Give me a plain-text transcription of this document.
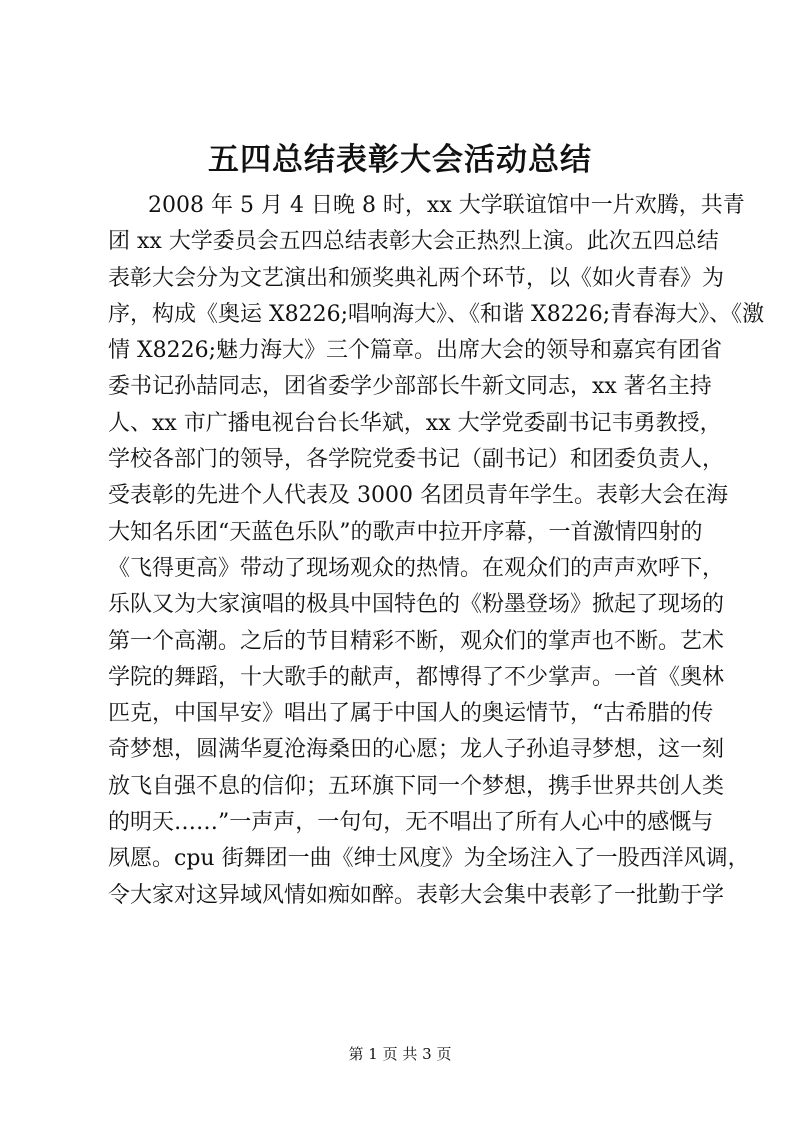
五四总结表彰大会活动总结
2008 年 5 月 4 日晚 8 时，xx 大学联谊馆中一片欢腾，共青
团 xx 大学委员会五四总结表彰大会正热烈上演。此次五四总结
表彰大会分为文艺演出和颁奖典礼两个环节，以《如火青春》为
序，构成《奥运 X8226;唱响海大》、《和谐 X8226;青春海大》、《激
情 X8226;魅力海大》三个篇章。出席大会的领导和嘉宾有团省
委书记孙喆同志，团省委学少部部长牛新文同志，xx 著名主持
人、xx 市广播电视台台长华斌，xx 大学党委副书记韦勇教授，
学校各部门的领导，各学院党委书记（副书记）和团委负责人，
受表彰的先进个人代表及 3000 名团员青年学生。表彰大会在海
大知名乐团“天蓝色乐队”的歌声中拉开序幕，一首激情四射的
《飞得更高》带动了现场观众的热情。在观众们的声声欢呼下，
乐队又为大家演唱的极具中国特色的《粉墨登场》掀起了现场的
第一个高潮。之后的节目精彩不断，观众们的掌声也不断。艺术
学院的舞蹈，十大歌手的献声，都博得了不少掌声。一首《奥林
匹克，中国早安》唱出了属于中国人的奥运情节，“古希腊的传
奇梦想，圆满华夏沧海桑田的心愿；龙人子孙追寻梦想，这一刻
放飞自强不息的信仰；五环旗下同一个梦想，携手世界共创人类
的明天……”一声声，一句句，无不唱出了所有人心中的感慨与
夙愿。cpu 街舞团一曲《绅士风度》为全场注入了一股西洋风调，
令大家对这异域风情如痴如醉。表彰大会集中表彰了一批勤于学
第 1 页 共 3 页
